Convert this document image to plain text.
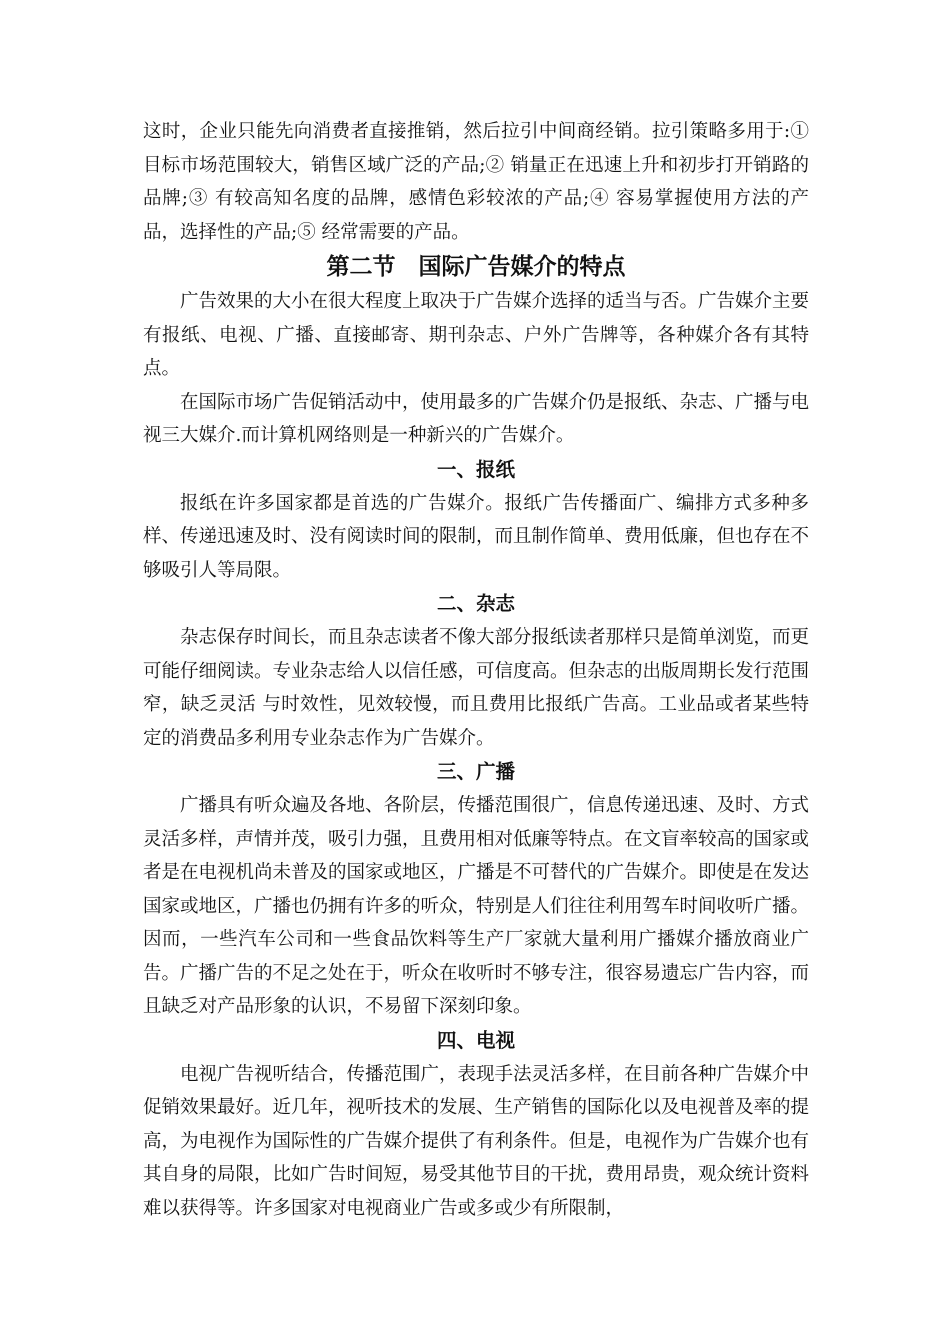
这时，企业只能先向消费者直接推销，然后拉引中间商经销。拉引策略多用于:① 目标市场范围较大，销售区域广泛的产品;② 销量正在迅速上升和初步打开销路的品牌;③ 有较高知名度的品牌，感情色彩较浓的产品;④ 容易掌握使用方法的产品，选择性的产品;⑤ 经常需要的产品。

第二节　国际广告媒介的特点

广告效果的大小在很大程度上取决于广告媒介选择的适当与否。广告媒介主要有报纸、电视、广播、直接邮寄、期刊杂志、户外广告牌等，各种媒介各有其特点。

在国际市场广告促销活动中，使用最多的广告媒介仍是报纸、杂志、广播与电视三大媒介.而计算机网络则是一种新兴的广告媒介。

一、报纸

报纸在许多国家都是首选的广告媒介。报纸广告传播面广、编排方式多种多样、传递迅速及时、没有阅读时间的限制，而且制作简单、费用低廉，但也存在不够吸引人等局限。

二、杂志

杂志保存时间长，而且杂志读者不像大部分报纸读者那样只是简单浏览，而更可能仔细阅读。专业杂志给人以信任感，可信度高。但杂志的出版周期长发行范围窄，缺乏灵活 与时效性，见效较慢，而且费用比报纸广告高。工业品或者某些特定的消费品多利用专业杂志作为广告媒介。

三、广播

广播具有听众遍及各地、各阶层，传播范围很广，信息传递迅速、及时、方式灵活多样，声情并茂，吸引力强，且费用相对低廉等特点。在文盲率较高的国家或者是在电视机尚未普及的国家或地区，广播是不可替代的广告媒介。即使是在发达国家或地区，广播也仍拥有许多的听众，特别是人们往往利用驾车时间收听广播。因而，一些汽车公司和一些食品饮料等生产厂家就大量利用广播媒介播放商业广告。广播广告的不足之处在于，听众在收听时不够专注，很容易遗忘广告内容，而且缺乏对产品形象的认识，不易留下深刻印象。

四、电视

电视广告视听结合，传播范围广，表现手法灵活多样，在目前各种广告媒介中促销效果最好。近几年，视听技术的发展、生产销售的国际化以及电视普及率的提高，为电视作为国际性的广告媒介提供了有利条件。但是，电视作为广告媒介也有其自身的局限，比如广告时间短，易受其他节目的干扰，费用昂贵，观众统计资料难以获得等。许多国家对电视商业广告或多或少有所限制，
